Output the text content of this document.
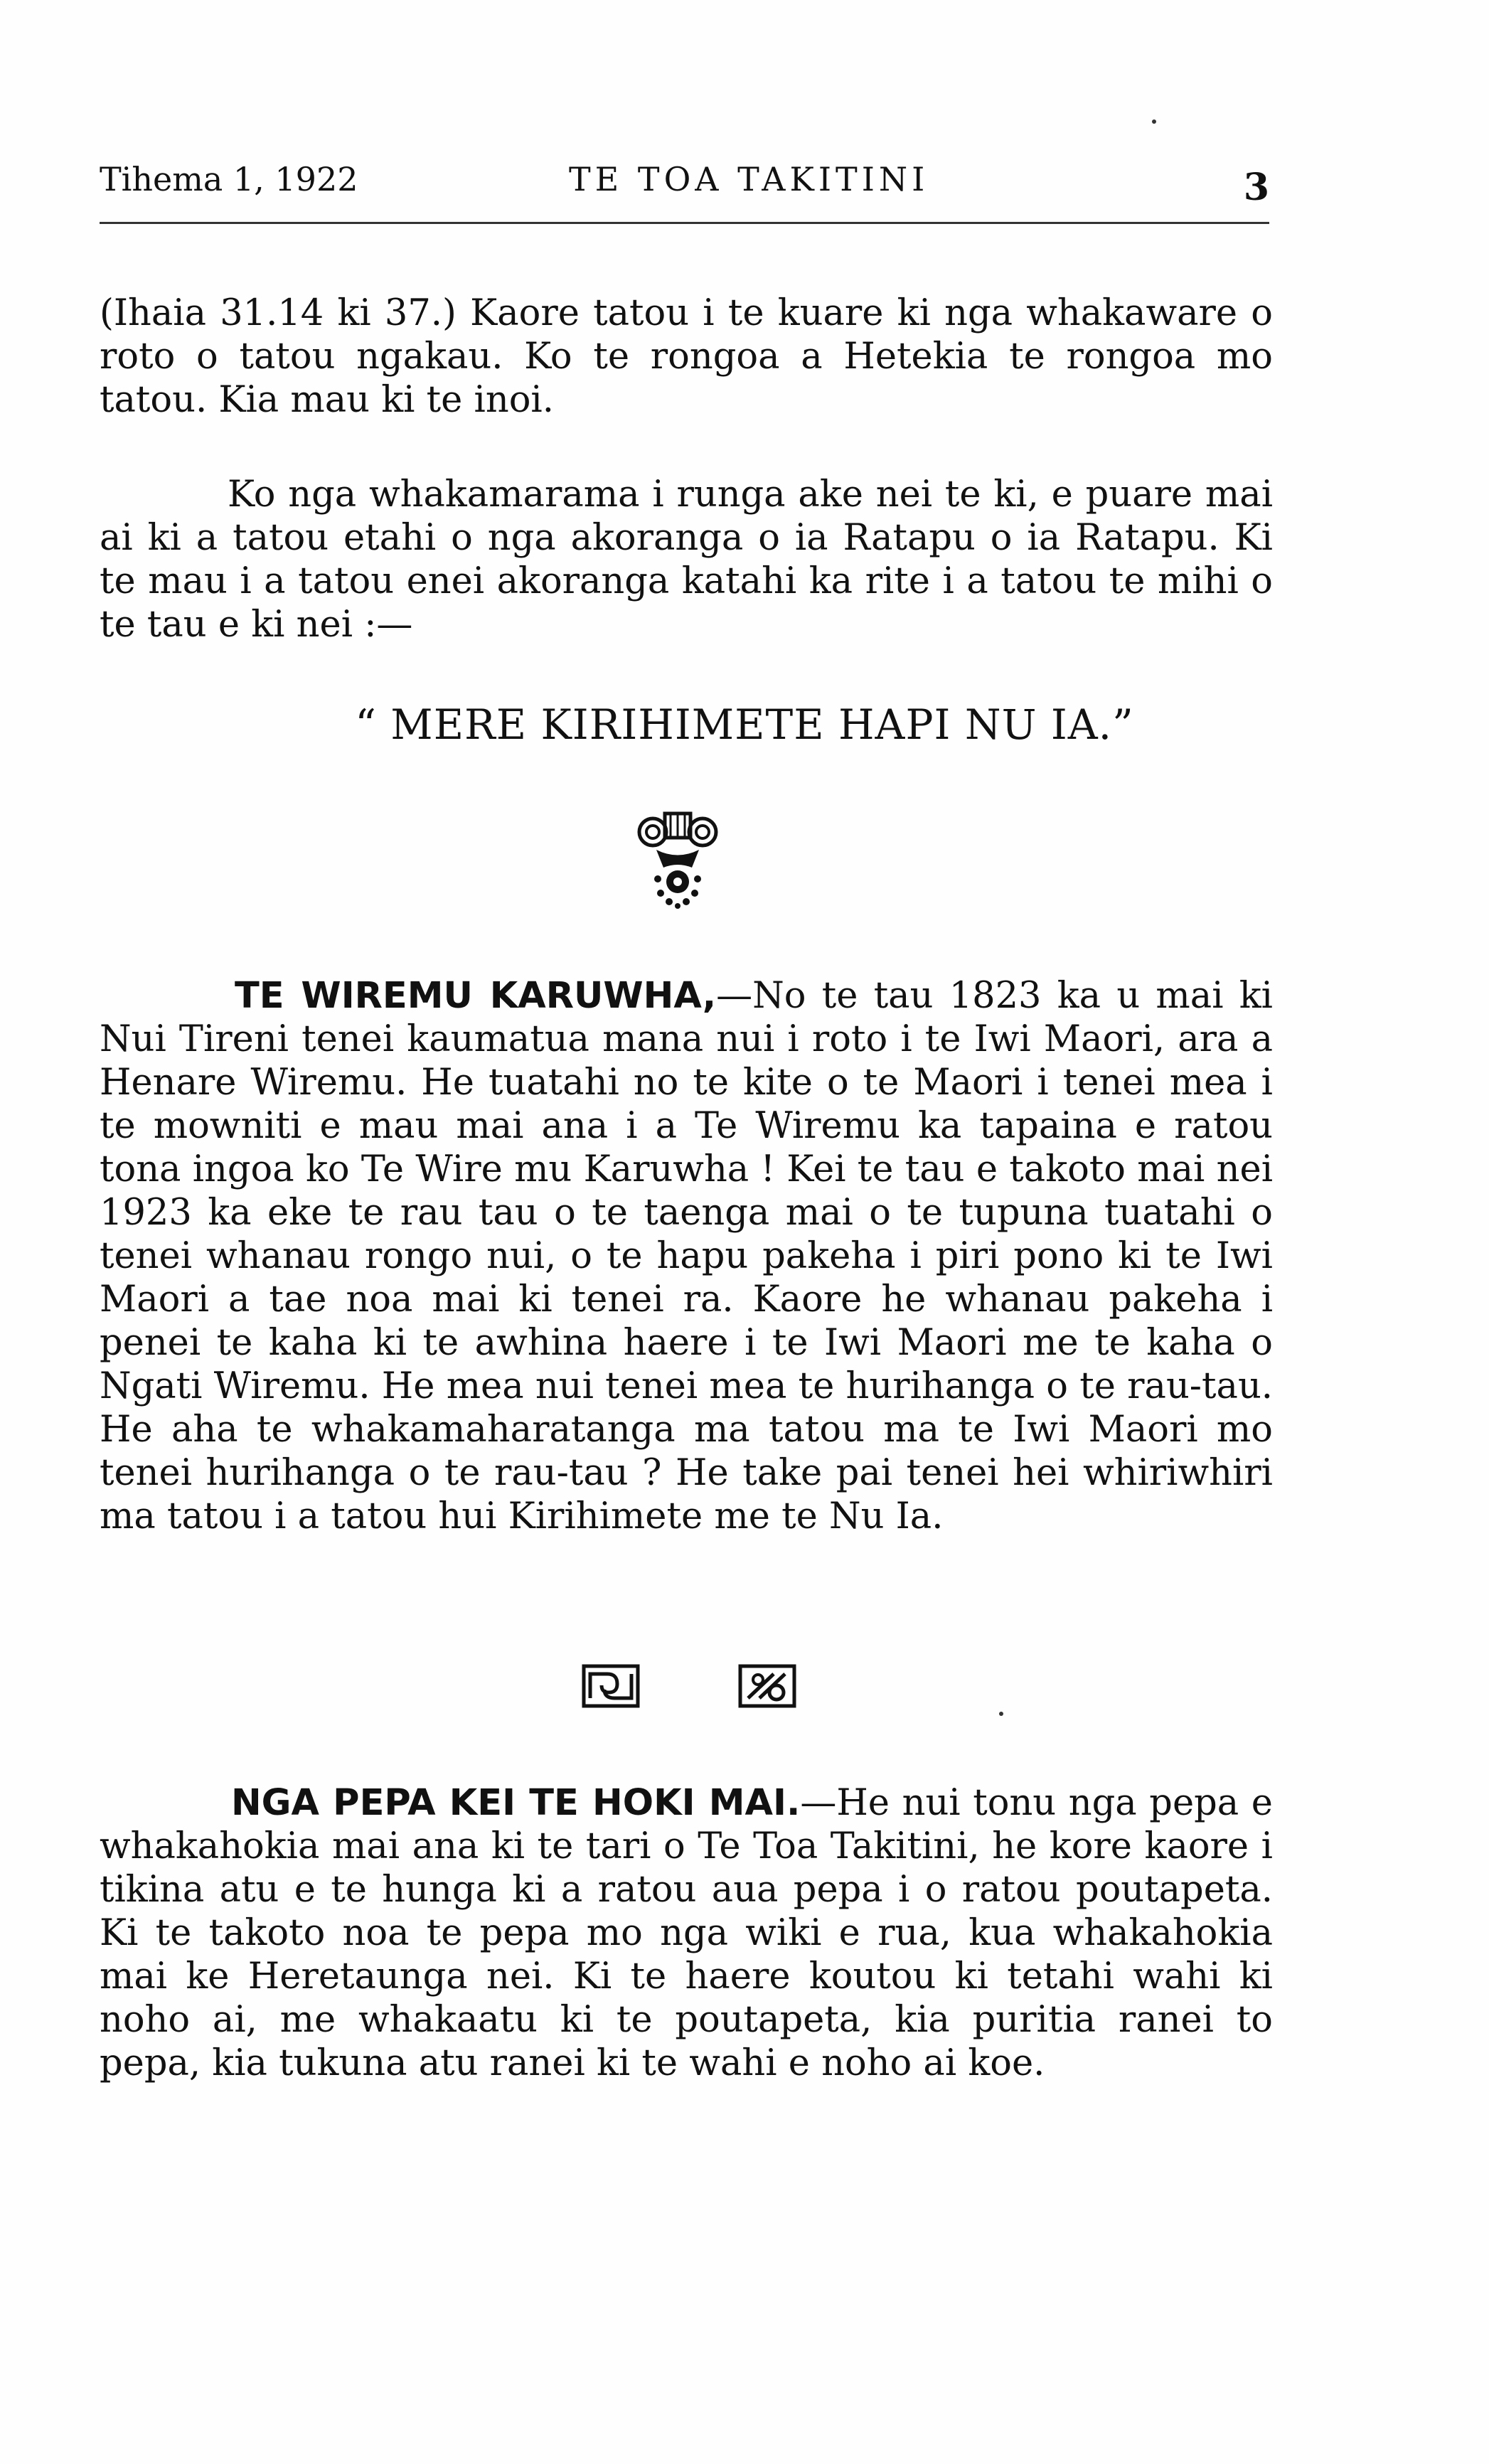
Tihema 1, 1922	TE TOA TAKITINI	3

(Ihaia 31.14 ki 37.) Kaore tatou i te kuare ki nga whakaware o roto o tatou ngakau. Ko te rongoa a Hetekia te rongoa mo tatou. Kia mau ki te inoi.

Ko nga whakamarama i runga ake nei te ki, e puare mai ai ki a tatou etahi o nga akoranga o ia Ratapu o ia Ratapu. Ki te mau i a tatou enei akoranga katahi ka rite i a tatou te mihi o te tau e ki nei :—

“ MERE KIRIHIMETE HAPI NU IA.”

TE WIREMU KARUWHA,—No te tau 1823 ka u mai ki Nui Tireni tenei kaumatua mana nui i roto i te Iwi Maori, ara a Henare Wiremu. He tuatahi no te kite o te Maori i tenei mea i te mowniti e mau mai ana i a Te Wiremu ka tapaina e ratou tona ingoa ko Te Wire mu Karuwha ! Kei te tau e takoto mai nei 1923 ka eke te rau tau o te taenga mai o te tupuna tuatahi o tenei whanau rongo nui, o te hapu pakeha i piri pono ki te Iwi Maori a tae noa mai ki tenei ra. Kaore he whanau pakeha i penei te kaha ki te awhina haere i te Iwi Maori me te kaha o Ngati Wiremu. He mea nui tenei mea te hurihanga o te rau-tau. He aha te whakamaharatanga ma tatou ma te Iwi Maori mo tenei hurihanga o te rau-tau ? He take pai tenei hei whiriwhiri ma tatou i a tatou hui Kirihimete me te Nu Ia.

NGA PEPA KEI TE HOKI MAI.—He nui tonu nga pepa e whakahokia mai ana ki te tari o Te Toa Takitini, he kore kaore i tikina atu e te hunga ki a ratou aua pepa i o ratou poutapeta. Ki te takoto noa te pepa mo nga wiki e rua, kua whakahokia mai ke Heretaunga nei. Ki te haere koutou ki tetahi wahi ki noho ai, me whakaatu ki te poutapeta, kia puritia ranei to pepa, kia tukuna atu ranei ki te wahi e noho ai koe.
